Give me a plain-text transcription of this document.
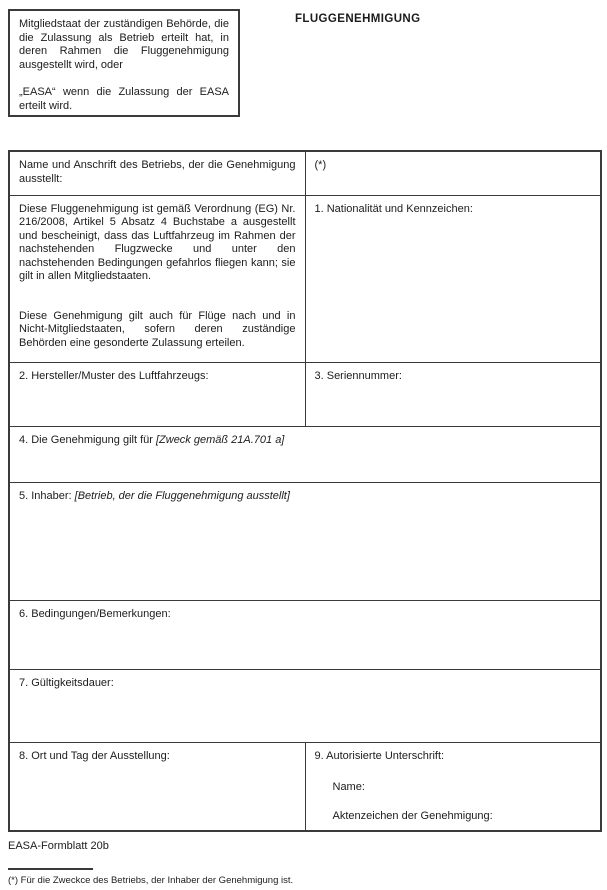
Mitgliedstaat der zuständigen Behörde, die die Zulassung als Betrieb erteilt hat, in deren Rahmen die Fluggenehmigung ausgestellt wird, oder

„EASA“ wenn die Zulassung der EASA erteilt wird.

FLUGGENEHMIGUNG
Name und Anschrift des Betriebs, der die Genehmigung ausstellt:	(*)

Diese Fluggenehmigung ist gemäß Verordnung (EG) Nr. 216/2008, Artikel 5 Absatz 4 Buchstabe a ausgestellt und bescheinigt, dass das Luftfahrzeug im Rahmen der nachstehenden Flugzwecke und unter den nachstehenden Bedingungen gefahrlos fliegen kann; sie gilt in allen Mitgliedstaaten.

Diese Genehmigung gilt auch für Flüge nach und in Nicht-Mitgliedstaaten, sofern deren zuständige Behörden eine gesonderte Zulassung erteilen.	1. Nationalität und Kennzeichen:
2. Hersteller/Muster des Luftfahrzeugs:	3. Seriennummer:
4. Die Genehmigung gilt für [Zweck gemäß 21A.701 a]	
5. Inhaber: [Betrieb, der die Fluggenehmigung ausstellt]	
6. Bedingungen/Bemerkungen:	
7. Gültigkeitsdauer:	
8. Ort und Tag der Ausstellung:	9. Autorisierte Unterschrift:

Name:

Aktenzeichen der Genehmigung:

EASA-Formblatt 20b
(*) Für die Zweckce des Betriebs, der Inhaber der Genehmigung ist.
